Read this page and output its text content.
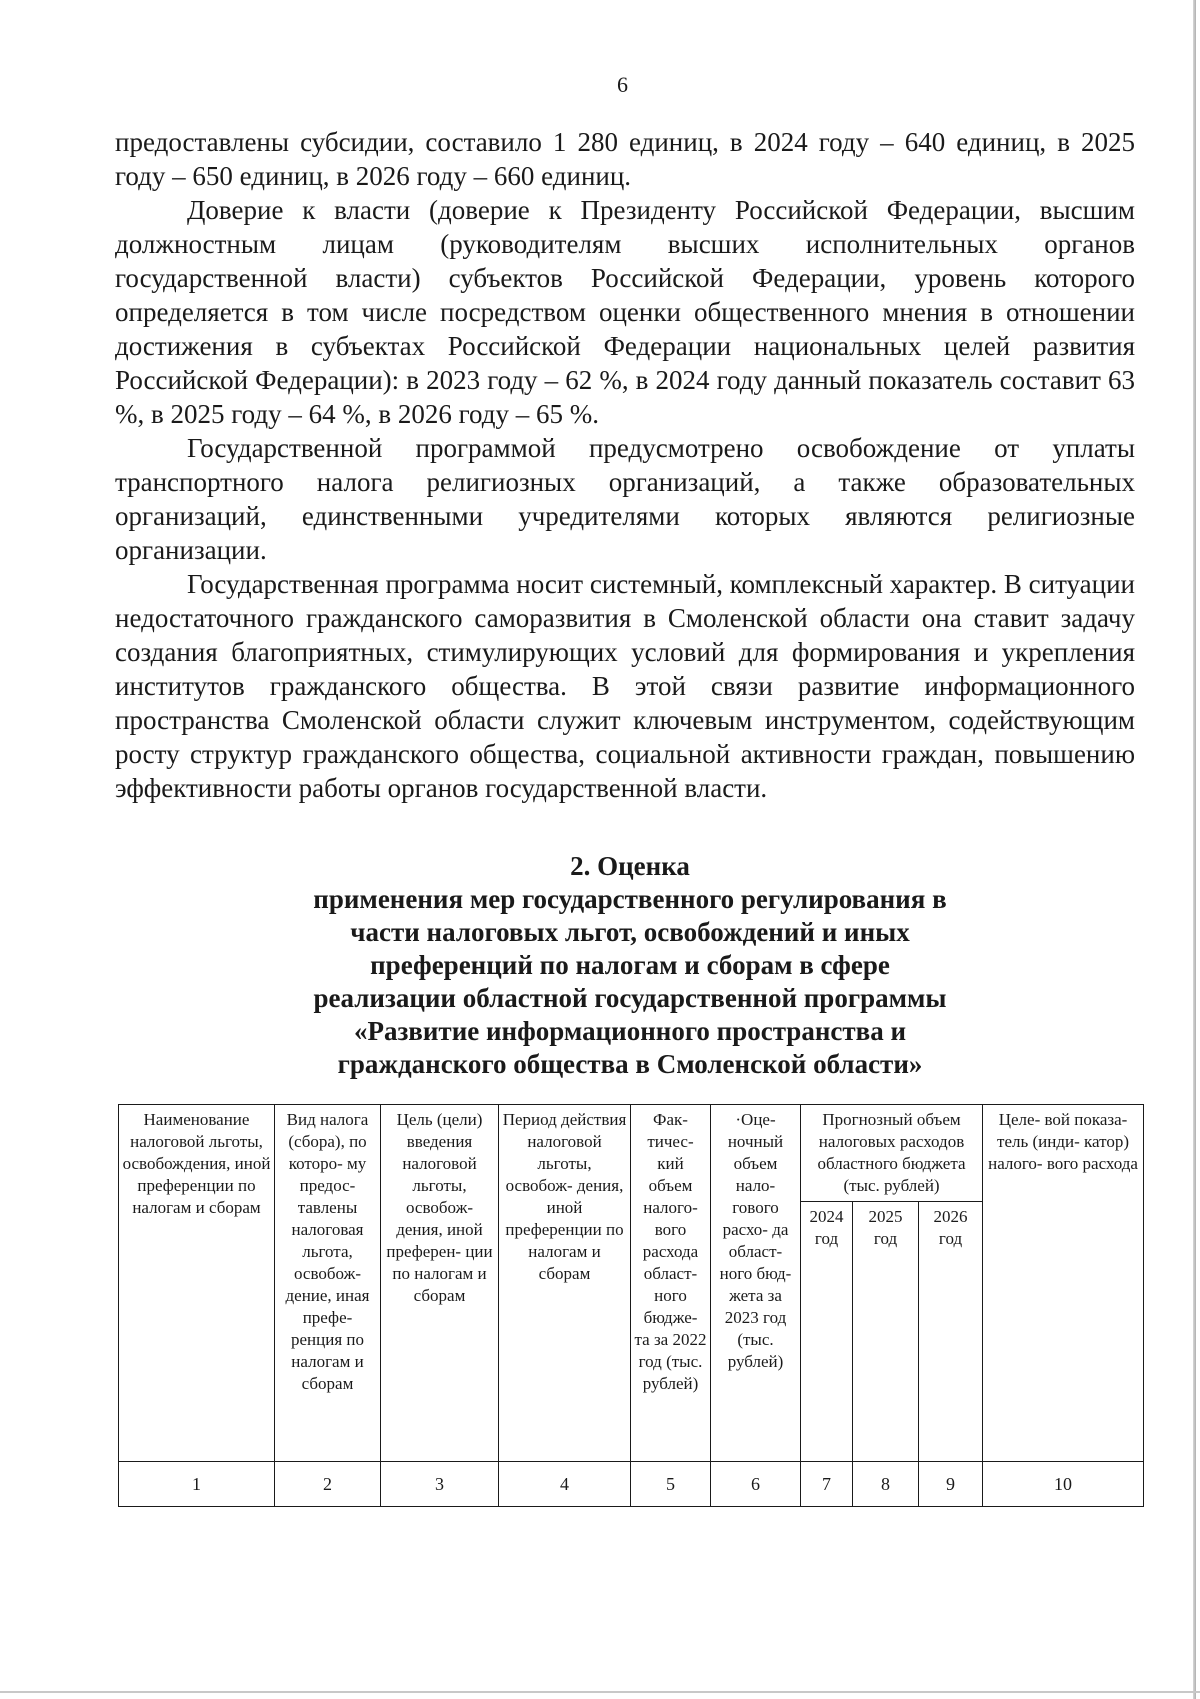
6

предоставлены субсидии, составило 1 280 единиц, в 2024 году – 640 единиц, в 2025 году – 650 единиц, в 2026 году – 660 единиц.

Доверие к власти (доверие к Президенту Российской Федерации, высшим должностным лицам (руководителям высших исполнительных органов государственной власти) субъектов Российской Федерации, уровень которого определяется в том числе посредством оценки общественного мнения в отношении достижения в субъектах Российской Федерации национальных целей развития Российской Федерации): в 2023 году – 62 %, в 2024 году данный показатель составит 63 %, в 2025 году – 64 %, в 2026 году – 65 %.

Государственной программой предусмотрено освобождение от уплаты транспортного налога религиозных организаций, а также образовательных организаций, единственными учредителями которых являются религиозные организации.

Государственная программа носит системный, комплексный характер. В ситуации недостаточного гражданского саморазвития в Смоленской области она ставит задачу создания благоприятных, стимулирующих условий для формирования и укрепления институтов гражданского общества. В этой связи развитие информационного пространства Смоленской области служит ключевым инструментом, содействующим росту структур гражданского общества, социальной активности граждан, повышению эффективности работы органов государственной власти.

2. Оценка
применения мер государственного регулирования в
части налоговых льгот, освобождений и иных
преференций по налогам и сборам в сфере
реализации областной государственной программы
«Развитие информационного пространства и
гражданского общества в Смоленской области»
Наименование налоговой льготы, освобождения, иной преференции по налогам и сборам	Вид налога (сбора), по которо- му предос- тавлены налоговая льгота, освобож- дение, иная префе- ренция по налогам и сборам	Цель (цели) введения налоговой льготы, освобож- дения, иной преферен- ции по налогам и сборам	Период действия налоговой льготы, освобож- дения, иной преференции по налогам и сборам	Фак- тичес- кий объем налого- вого расхода област- ного бюдже- та за 2022 год (тыс. рублей)	·Оце- ночный объем нало- гового расхо- да област- ного бюд- жета за 2023 год (тыс. рублей)	Прогнозный объем налоговых расходов областного бюджета (тыс. рублей)			Целе- вой показа- тель (инди- катор) налого- вого расхода
						2024 год	2025 год	2026 год	
1	2	3	4	5	6	7	8	9	10
